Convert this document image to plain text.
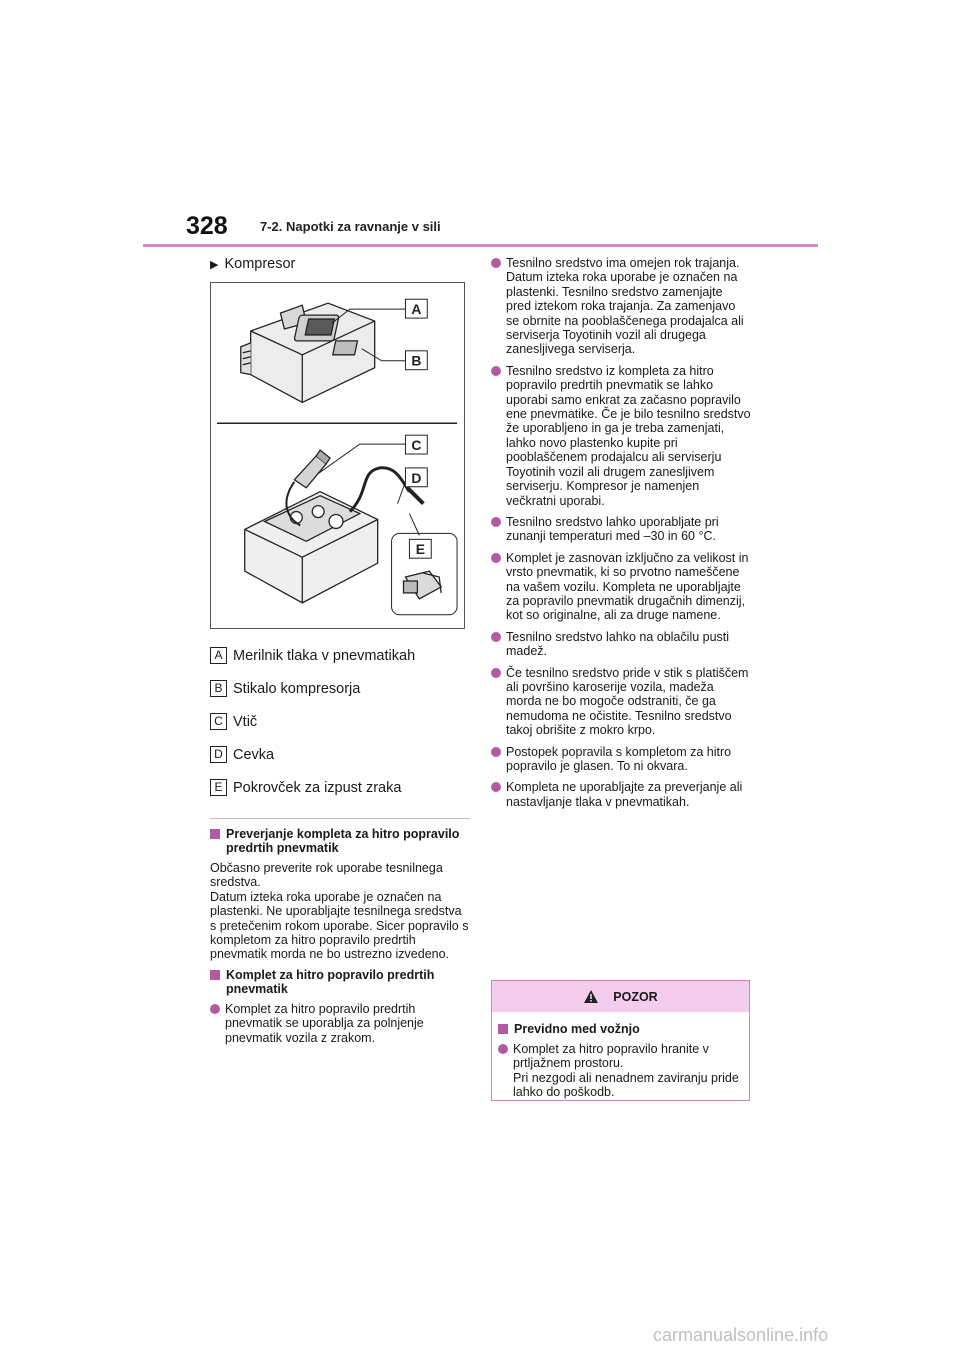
328 7-2. Napotki za ravnanje v sili
▶ Kompresor
A
B
C
D
E
A Merilnik tlaka v pnevmatikah
B Stikalo kompresorja
C Vtič
D Cevka
E Pokrovček za izpust zraka
Preverjanje kompleta za hitro popravilo predrtih pnevmatik

Občasno preverite rok uporabe tesnilnega sredstva.
Datum izteka roka uporabe je označen na plastenki. Ne uporabljajte tesnilnega sredstva s pretečenim rokom uporabe. Sicer popravilo s kompletom za hitro popravilo predrtih pnevmatik morda ne bo ustrezno izvedeno.

Komplet za hitro popravilo predrtih pnevmatik
Komplet za hitro popravilo predrtih pnevmatik se uporablja za polnjenje pnevmatik vozila z zrakom.
Tesnilno sredstvo ima omejen rok trajanja. Datum izteka roka uporabe je označen na plastenki. Tesnilno sredstvo zamenjajte pred iztekom roka trajanja. Za zamenjavo se obrnite na pooblaščenega prodajalca ali serviserja Toyotinih vozil ali drugega zanesljivega serviserja.
Tesnilno sredstvo iz kompleta za hitro popravilo predrtih pnevmatik se lahko uporabi samo enkrat za začasno popravilo ene pnevmatike. Če je bilo tesnilno sredstvo že uporabljeno in ga je treba zamenjati, lahko novo plastenko kupite pri pooblaščenem prodajalcu ali serviserju Toyotinih vozil ali drugem zanesljivem serviserju. Kompresor je namenjen večkratni uporabi.
Tesnilno sredstvo lahko uporabljate pri zunanji temperaturi med –30 in 60 °C.
Komplet je zasnovan izključno za velikost in vrsto pnevmatik, ki so prvotno nameščene na vašem vozilu. Kompleta ne uporabljajte za popravilo pnevmatik drugačnih dimenzij, kot so originalne, ali za druge namene.
Tesnilno sredstvo lahko na oblačilu pusti madež.
Če tesnilno sredstvo pride v stik s platiščem ali površino karoserije vozila, madeža morda ne bo mogoče odstraniti, če ga nemudoma ne očistite. Tesnilno sredstvo takoj obrišite z mokro krpo.
Postopek popravila s kompletom za hitro popravilo je glasen. To ni okvara.
Kompleta ne uporabljajte za preverjanje ali nastavljanje tlaka v pnevmatikah.
POZOR
Previdno med vožnjo
Komplet za hitro popravilo hranite v prtljažnem prostoru.
Pri nezgodi ali nenadnem zaviranju pride lahko do poškodb.
carmanualsonline.info
